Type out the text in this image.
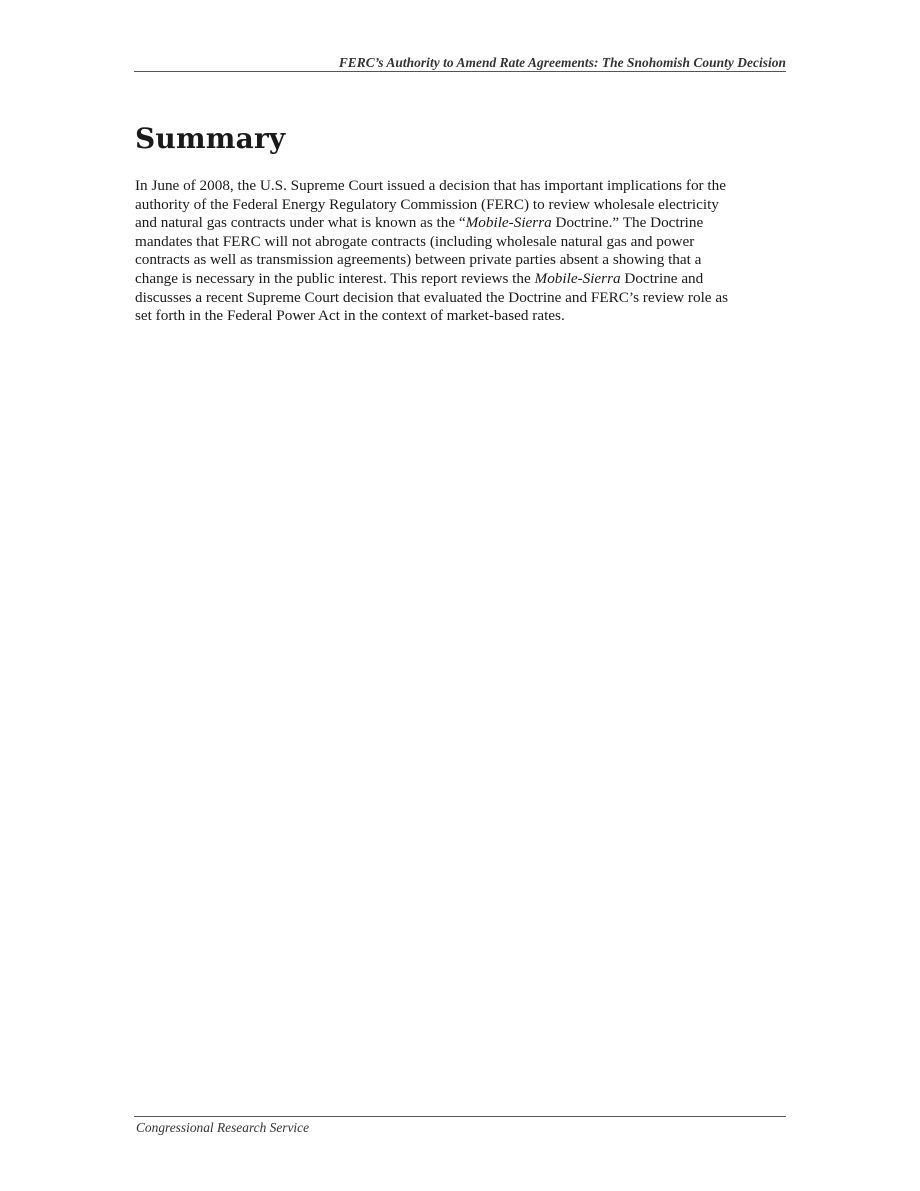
FERC’s Authority to Amend Rate Agreements: The Snohomish County Decision
Summary

In June of 2008, the U.S. Supreme Court issued a decision that has important implications for the
authority of the Federal Energy Regulatory Commission (FERC) to review wholesale electricity
and natural gas contracts under what is known as the “Mobile-Sierra Doctrine.” The Doctrine
mandates that FERC will not abrogate contracts (including wholesale natural gas and power
contracts as well as transmission agreements) between private parties absent a showing that a
change is necessary in the public interest. This report reviews the Mobile-Sierra Doctrine and
discusses a recent Supreme Court decision that evaluated the Doctrine and FERC’s review role as
set forth in the Federal Power Act in the context of market-based rates.

Congressional Research Service
